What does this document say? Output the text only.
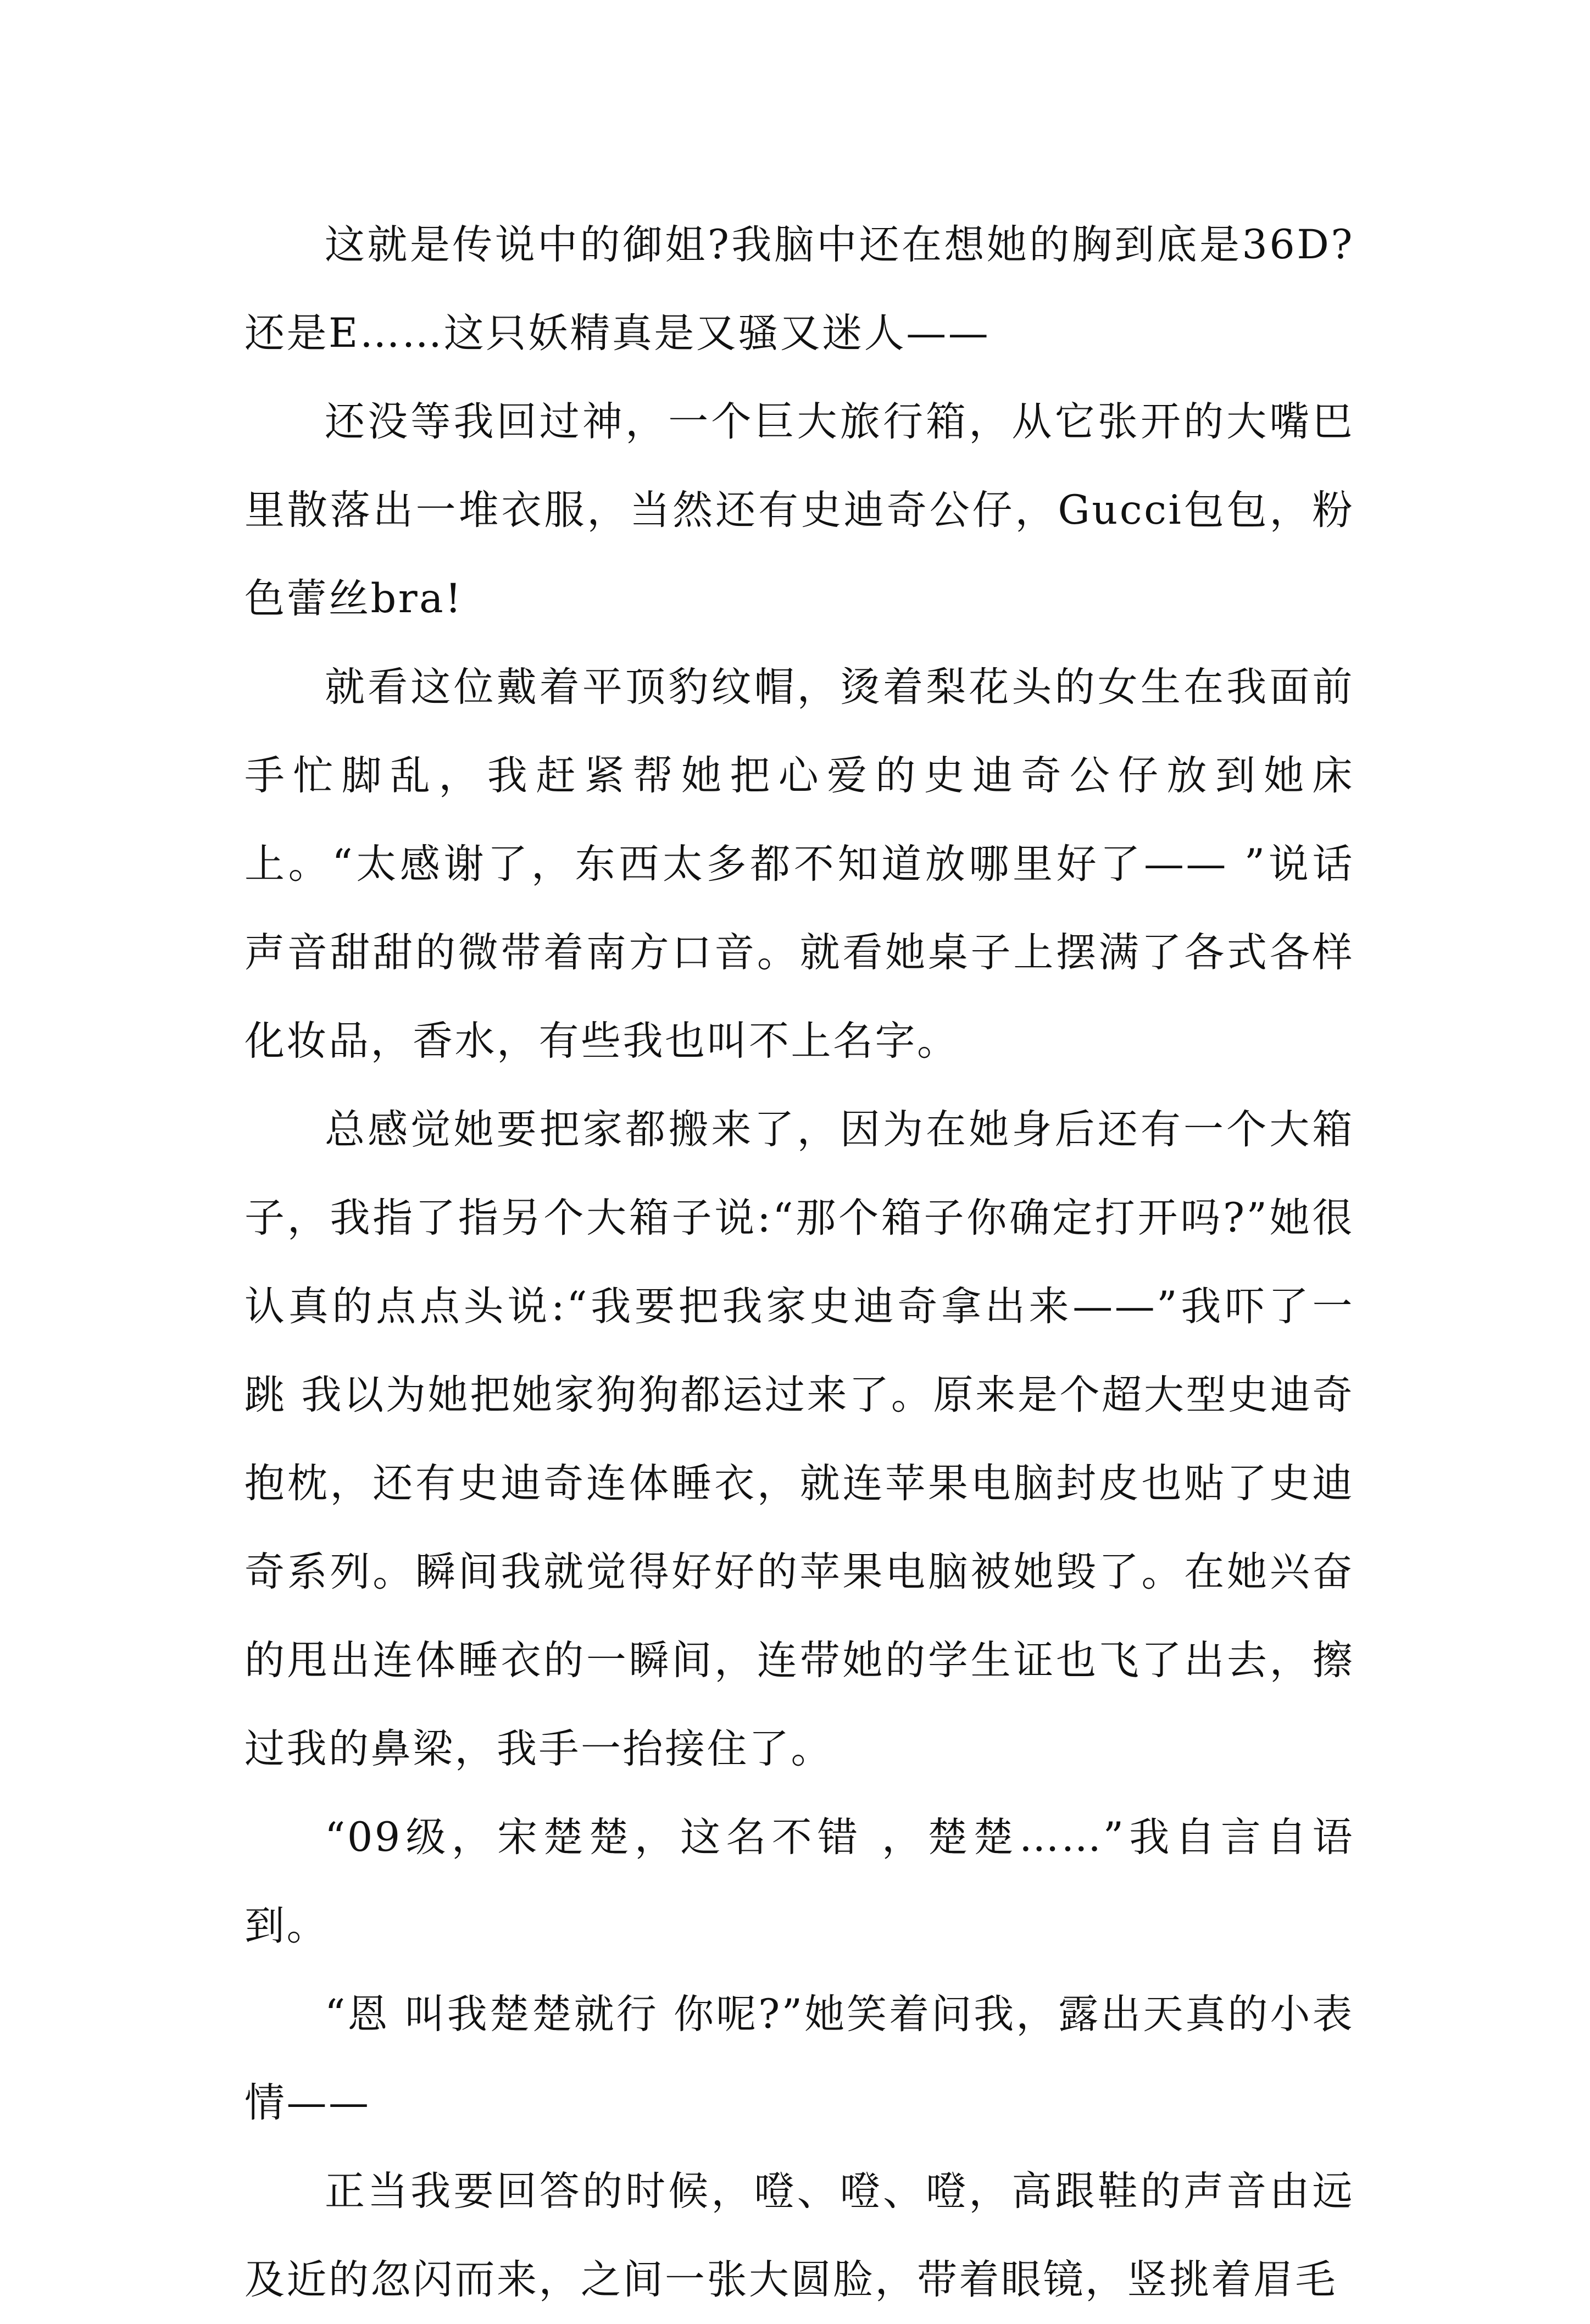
这就是传说中的御姐?我脑中还在想她的胸到底是36D?还是E……这只妖精真是又骚又迷人——

还没等我回过神，一个巨大旅行箱，从它张开的大嘴巴里散落出一堆衣服，当然还有史迪奇公仔，Gucci包包，粉色蕾丝bra!

就看这位戴着平顶豹纹帽，烫着梨花头的女生在我面前手忙脚乱，我赶紧帮她把心爱的史迪奇公仔放到她床上。“太感谢了，东西太多都不知道放哪里好了—— ”说话声音甜甜的微带着南方口音。就看她桌子上摆满了各式各样化妆品，香水，有些我也叫不上名字。

总感觉她要把家都搬来了，因为在她身后还有一个大箱子，我指了指另个大箱子说:“那个箱子你确定打开吗?”她很认真的点点头说:“我要把我家史迪奇拿出来——”我吓了一跳 我以为她把她家狗狗都运过来了。原来是个超大型史迪奇抱枕，还有史迪奇连体睡衣，就连苹果电脑封皮也贴了史迪奇系列。瞬间我就觉得好好的苹果电脑被她毁了。在她兴奋的甩出连体睡衣的一瞬间，连带她的学生证也飞了出去，擦过我的鼻梁，我手一抬接住了。

“09级，宋楚楚，这名不错 ，楚楚……”我自言自语到。

“恩 叫我楚楚就行 你呢?”她笑着问我，露出天真的小表情——

正当我要回答的时候，噔、噔、噔，高跟鞋的声音由远及近的忽闪而来，之间一张大圆脸，带着眼镜，竖挑着眉毛
